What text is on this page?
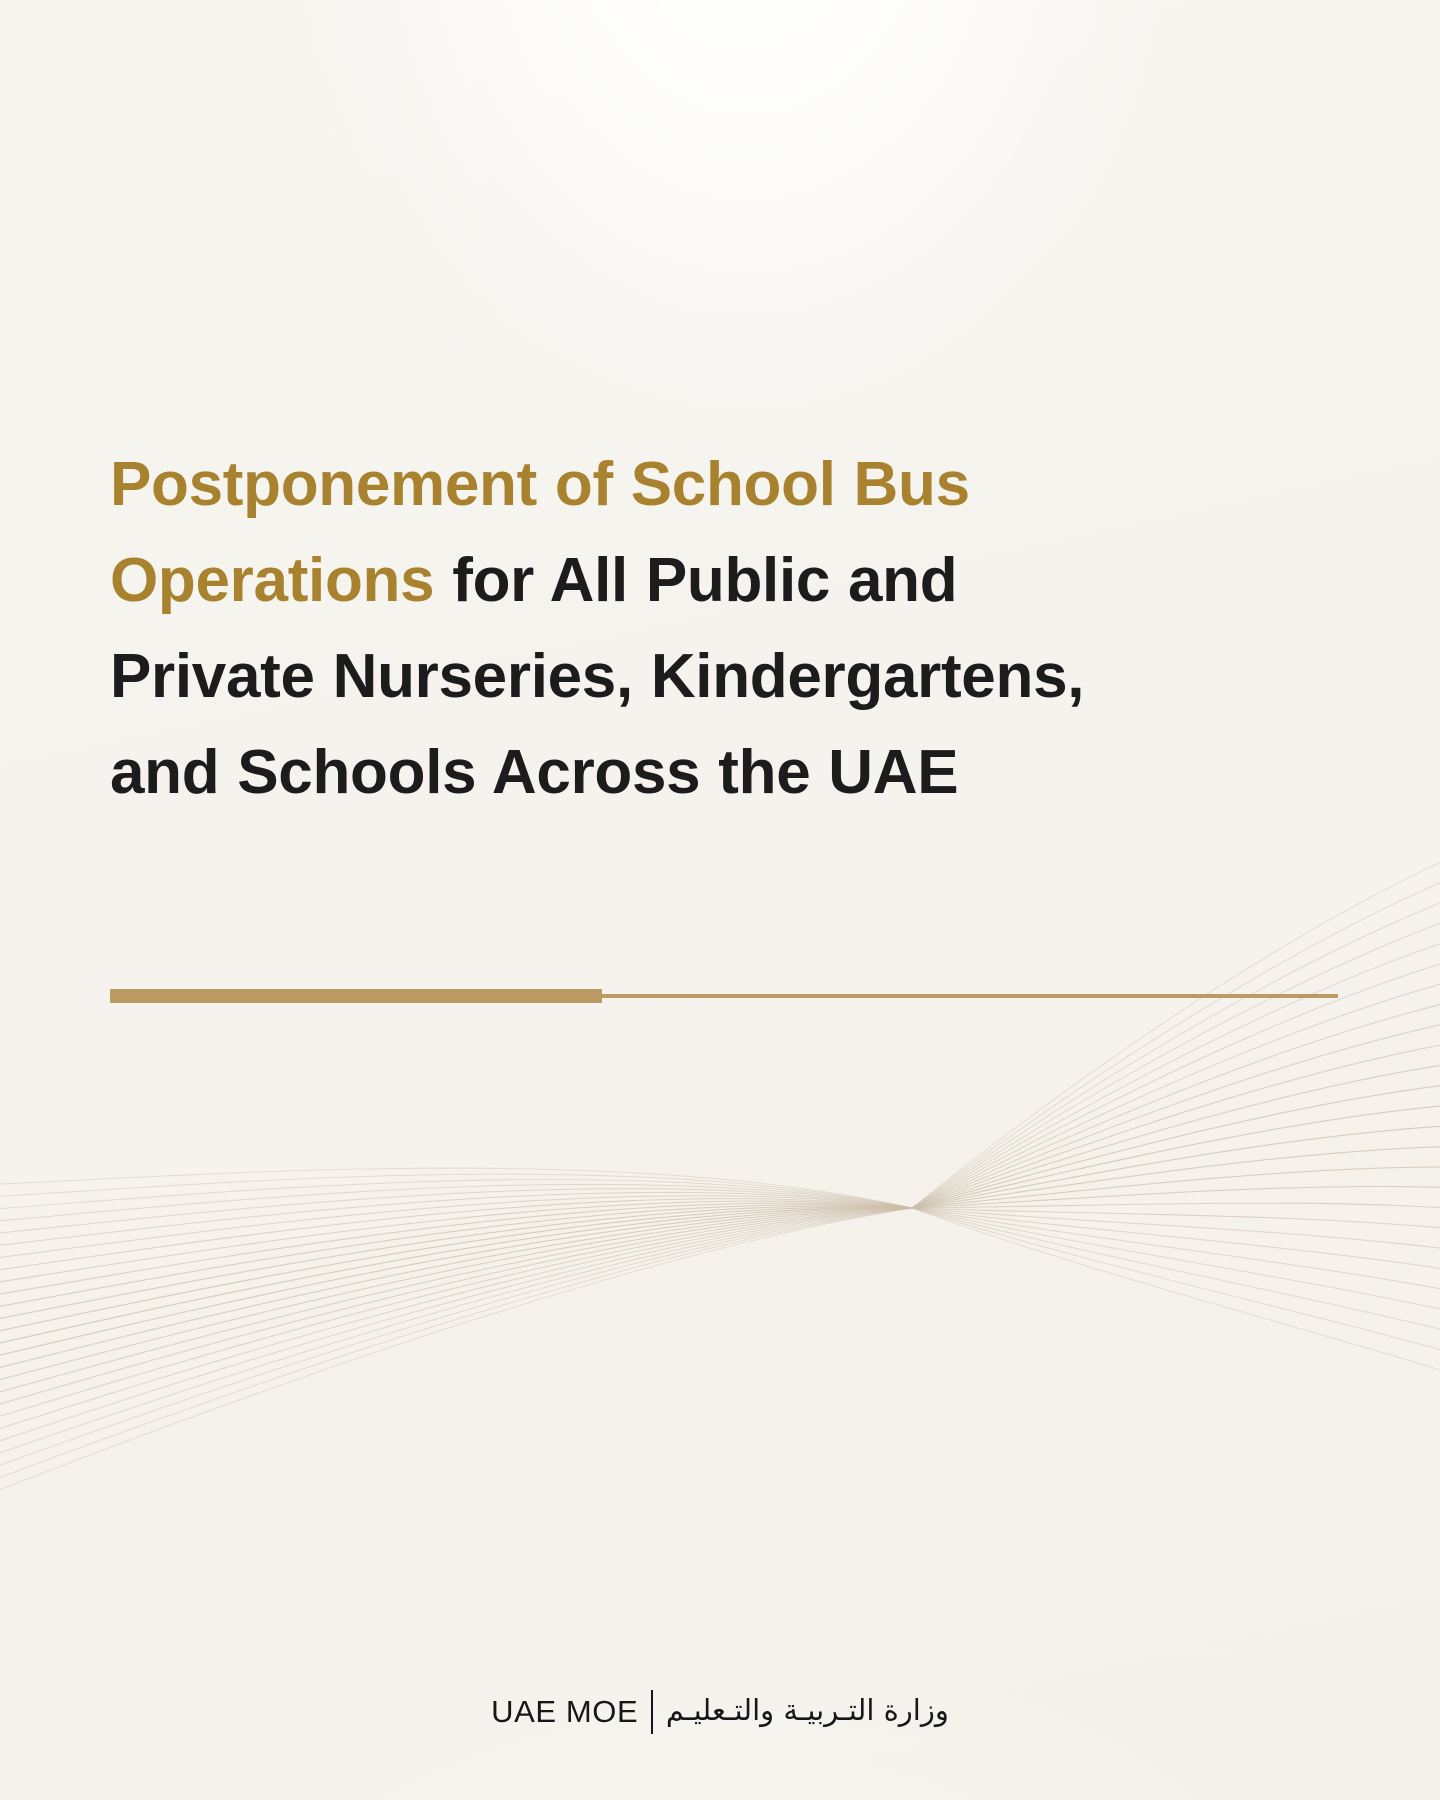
Postponement of School Bus Operations for All Public and Private Nurseries, Kindergartens, and Schools Across the UAE
UAE MOE وزارة التـربيـة والتـعليـم
